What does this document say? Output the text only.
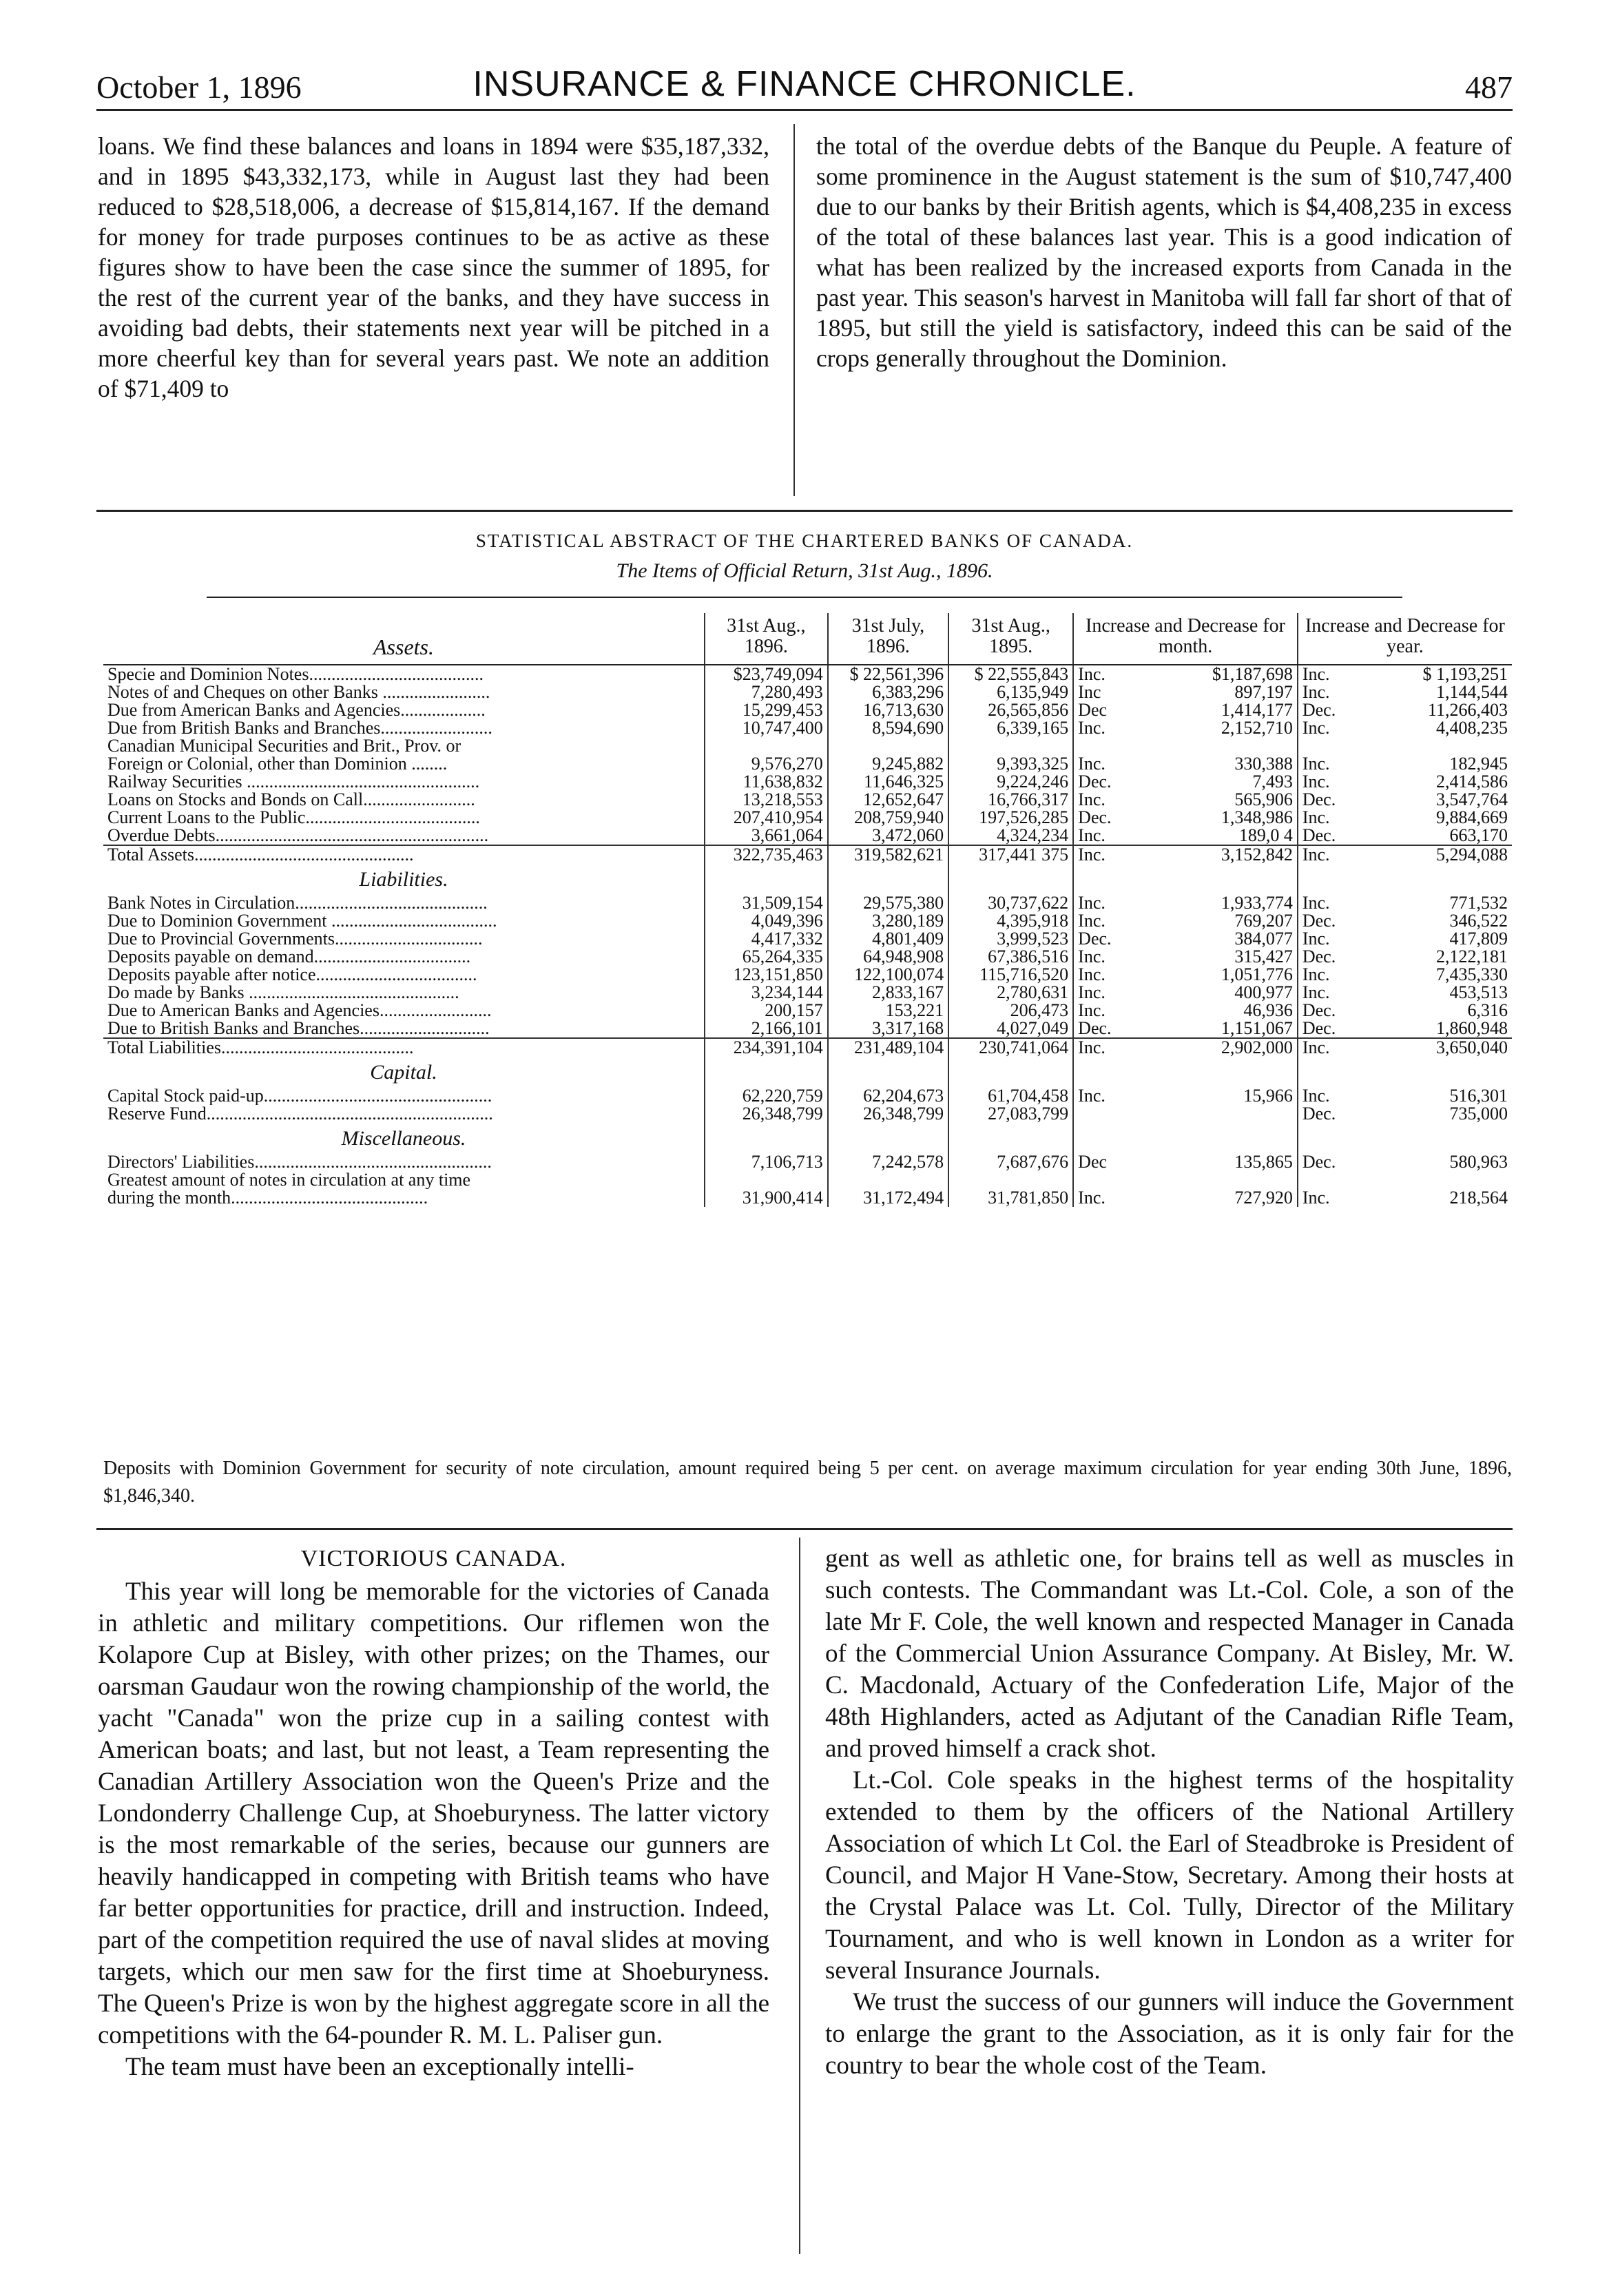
October 1, 1896	INSURANCE & FINANCE CHRONICLE.	487

loans. We find these balances and loans in 1894 were $35,187,332, and in 1895 $43,332,173, while in August last they had been reduced to $28,518,006, a decrease of $15,814,167. If the demand for money for trade purposes continues to be as active as these figures show to have been the case since the summer of 1895, for the rest of the current year of the banks, and they have success in avoiding bad debts, their statements next year will be pitched in a more cheerful key than for several years past. We note an addition of $71,409 to

the total of the overdue debts of the Banque du Peuple. A feature of some prominence in the August statement is the sum of $10,747,400 due to our banks by their British agents, which is $4,408,235 in excess of the total of these balances last year. This is a good indication of what has been realized by the increased exports from Canada in the past year. This season's harvest in Manitoba will fall far short of that of 1895, but still the yield is satisfactory, indeed this can be said of the crops generally throughout the Dominion.

STATISTICAL ABSTRACT OF THE CHARTERED BANKS OF CANADA.
The Items of Official Return, 31st Aug., 1896.
Assets.	31st Aug., 1896.	31st July, 1896.	31st Aug., 1895.	Increase and Decrease for month.		Increase and Decrease for year.	
Specie and Dominion Notes.......................................	$23,749,094	$ 22,561,396	$ 22,555,843	Inc.	$1,187,698	Inc.	$ 1,193,251
Notes of and Cheques on other Banks ........................	7,280,493	6,383,296	6,135,949	Inc	897,197	Inc.	1,144,544
Due from American Banks and Agencies...................	15,299,453	16,713,630	26,565,856	Dec	1,414,177	Dec.	11,266,403
Due from British Banks and Branches.........................	10,747,400	8,594,690	6,339,165	Inc.	2,152,710	Inc.	4,408,235
Canadian Municipal Securities and Brit., Prov. or							
Foreign or Colonial, other than Dominion ........	9,576,270	9,245,882	9,393,325	Inc.	330,388	Inc.	182,945
Railway Securities ....................................................	11,638,832	11,646,325	9,224,246	Dec.	7,493	Inc.	2,414,586
Loans on Stocks and Bonds on Call.........................	13,218,553	12,652,647	16,766,317	Inc.	565,906	Dec.	3,547,764
Current Loans to the Public.......................................	207,410,954	208,759,940	197,526,285	Dec.	1,348,986	Inc.	9,884,669
Overdue Debts.............................................................	3,661,064	3,472,060	4,324,234	Inc.	189,0 4	Dec.	663,170
Total Assets.................................................	322,735,463	319,582,621	317,441 375	Inc.	3,152,842	Inc.	5,294,088
Liabilities.							
Bank Notes in Circulation...........................................	31,509,154	29,575,380	30,737,622	Inc.	1,933,774	Inc.	771,532
Due to Dominion Government .....................................	4,049,396	3,280,189	4,395,918	Inc.	769,207	Dec.	346,522
Due to Provincial Governments.................................	4,417,332	4,801,409	3,999,523	Dec.	384,077	Inc.	417,809
Deposits payable on demand...................................	65,264,335	64,948,908	67,386,516	Inc.	315,427	Dec.	2,122,181
Deposits payable after notice....................................	123,151,850	122,100,074	115,716,520	Inc.	1,051,776	Inc.	7,435,330
Do made by Banks ...............................................	3,234,144	2,833,167	2,780,631	Inc.	400,977	Inc.	453,513
Due to American Banks and Agencies.........................	200,157	153,221	206,473	Inc.	46,936	Dec.	6,316
Due to British Banks and Branches.............................	2,166,101	3,317,168	4,027,049	Dec.	1,151,067	Dec.	1,860,948
Total Liabilities...........................................	234,391,104	231,489,104	230,741,064	Inc.	2,902,000	Inc.	3,650,040
Capital.							
Capital Stock paid-up...................................................	62,220,759	62,204,673	61,704,458	Inc.	15,966	Inc.	516,301
Reserve Fund................................................................	26,348,799	26,348,799	27,083,799			Dec.	735,000
Miscellaneous.							
Directors' Liabilities.....................................................	7,106,713	7,242,578	7,687,676	Dec	135,865	Dec.	580,963
Greatest amount of notes in circulation at any time							
during the month............................................	31,900,414	31,172,494	31,781,850	Inc.	727,920	Inc.	218,564
Deposits with Dominion Government for security of note circulation, amount required being 5 per cent. on average maximum circulation for year ending 30th June, 1896, $1,846,340.
VICTORIOUS CANADA.

This year will long be memorable for the victories of Canada in athletic and military competitions. Our riflemen won the Kolapore Cup at Bisley, with other prizes; on the Thames, our oarsman Gaudaur won the rowing championship of the world, the yacht "Canada" won the prize cup in a sailing contest with American boats; and last, but not least, a Team representing the Canadian Artillery Association won the Queen's Prize and the Londonderry Challenge Cup, at Shoeburyness. The latter victory is the most remarkable of the series, because our gunners are heavily handicapped in competing with British teams who have far better opportunities for practice, drill and instruction. Indeed, part of the competition required the use of naval slides at moving targets, which our men saw for the first time at Shoeburyness. The Queen's Prize is won by the highest aggregate score in all the competitions with the 64-pounder R. M. L. Paliser gun.

The team must have been an exceptionally intelli-

gent as well as athletic one, for brains tell as well as muscles in such contests. The Commandant was Lt.-Col. Cole, a son of the late Mr F. Cole, the well known and respected Manager in Canada of the Commercial Union Assurance Company. At Bisley, Mr. W. C. Macdonald, Actuary of the Confederation Life, Major of the 48th Highlanders, acted as Adjutant of the Canadian Rifle Team, and proved himself a crack shot.

Lt.-Col. Cole speaks in the highest terms of the hospitality extended to them by the officers of the National Artillery Association of which Lt Col. the Earl of Steadbroke is President of Council, and Major H Vane-Stow, Secretary. Among their hosts at the Crystal Palace was Lt. Col. Tully, Director of the Military Tournament, and who is well known in London as a writer for several Insurance Journals.

We trust the success of our gunners will induce the Government to enlarge the grant to the Association, as it is only fair for the country to bear the whole cost of the Team.
